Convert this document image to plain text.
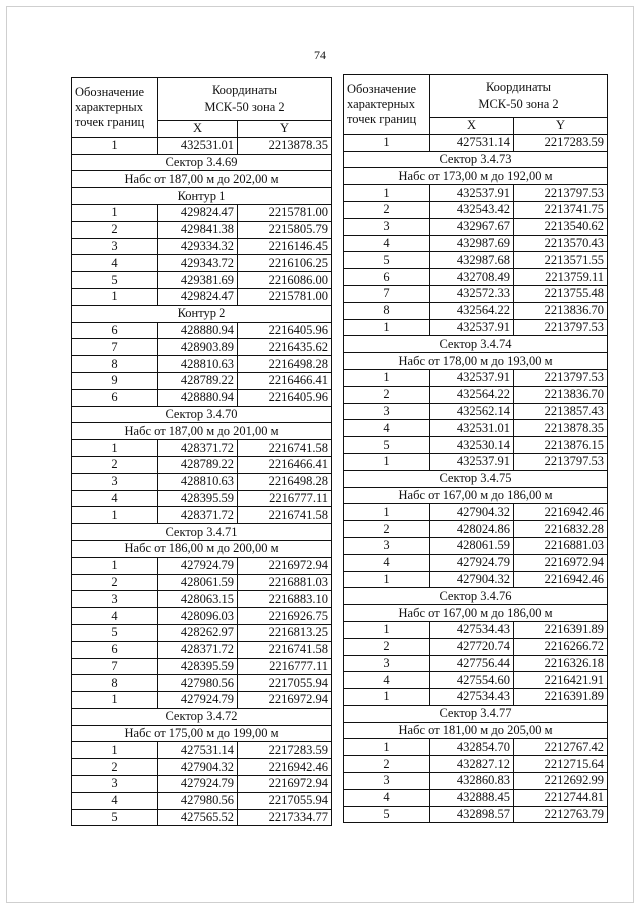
74
Обозначение характерных точек границ	Координаты
МСК-50 зона 2	
	X	Y
1	432531.01	2213878.35
Сектор 3.4.69		
Набс от 187,00 м до 202,00 м		
Контур 1		
1	429824.47	2215781.00
2	429841.38	2215805.79
3	429334.32	2216146.45
4	429343.72	2216106.25
5	429381.69	2216086.00
1	429824.47	2215781.00
Контур 2		
6	428880.94	2216405.96
7	428903.89	2216435.62
8	428810.63	2216498.28
9	428789.22	2216466.41
6	428880.94	2216405.96
Сектор 3.4.70		
Набс от 187,00 м до 201,00 м		
1	428371.72	2216741.58
2	428789.22	2216466.41
3	428810.63	2216498.28
4	428395.59	2216777.11
1	428371.72	2216741.58
Сектор 3.4.71		
Набс от 186,00 м до 200,00 м		
1	427924.79	2216972.94
2	428061.59	2216881.03
3	428063.15	2216883.10
4	428096.03	2216926.75
5	428262.97	2216813.25
6	428371.72	2216741.58
7	428395.59	2216777.11
8	427980.56	2217055.94
1	427924.79	2216972.94
Сектор 3.4.72		
Набс от 175,00 м до 199,00 м		
1	427531.14	2217283.59
2	427904.32	2216942.46
3	427924.79	2216972.94
4	427980.56	2217055.94
5	427565.52	2217334.77
Обозначение характерных точек границ	Координаты
МСК-50 зона 2	
	X	Y
1	427531.14	2217283.59
Сектор 3.4.73		
Набс от 173,00 м до 192,00 м		
1	432537.91	2213797.53
2	432543.42	2213741.75
3	432967.67	2213540.62
4	432987.69	2213570.43
5	432987.68	2213571.55
6	432708.49	2213759.11
7	432572.33	2213755.48
8	432564.22	2213836.70
1	432537.91	2213797.53
Сектор 3.4.74		
Набс от 178,00 м до 193,00 м		
1	432537.91	2213797.53
2	432564.22	2213836.70
3	432562.14	2213857.43
4	432531.01	2213878.35
5	432530.14	2213876.15
1	432537.91	2213797.53
Сектор 3.4.75		
Набс от 167,00 м до 186,00 м		
1	427904.32	2216942.46
2	428024.86	2216832.28
3	428061.59	2216881.03
4	427924.79	2216972.94
1	427904.32	2216942.46
Сектор 3.4.76		
Набс от 167,00 м до 186,00 м		
1	427534.43	2216391.89
2	427720.74	2216266.72
3	427756.44	2216326.18
4	427554.60	2216421.91
1	427534.43	2216391.89
Сектор 3.4.77		
Набс от 181,00 м до 205,00 м		
1	432854.70	2212767.42
2	432827.12	2212715.64
3	432860.83	2212692.99
4	432888.45	2212744.81
5	432898.57	2212763.79
